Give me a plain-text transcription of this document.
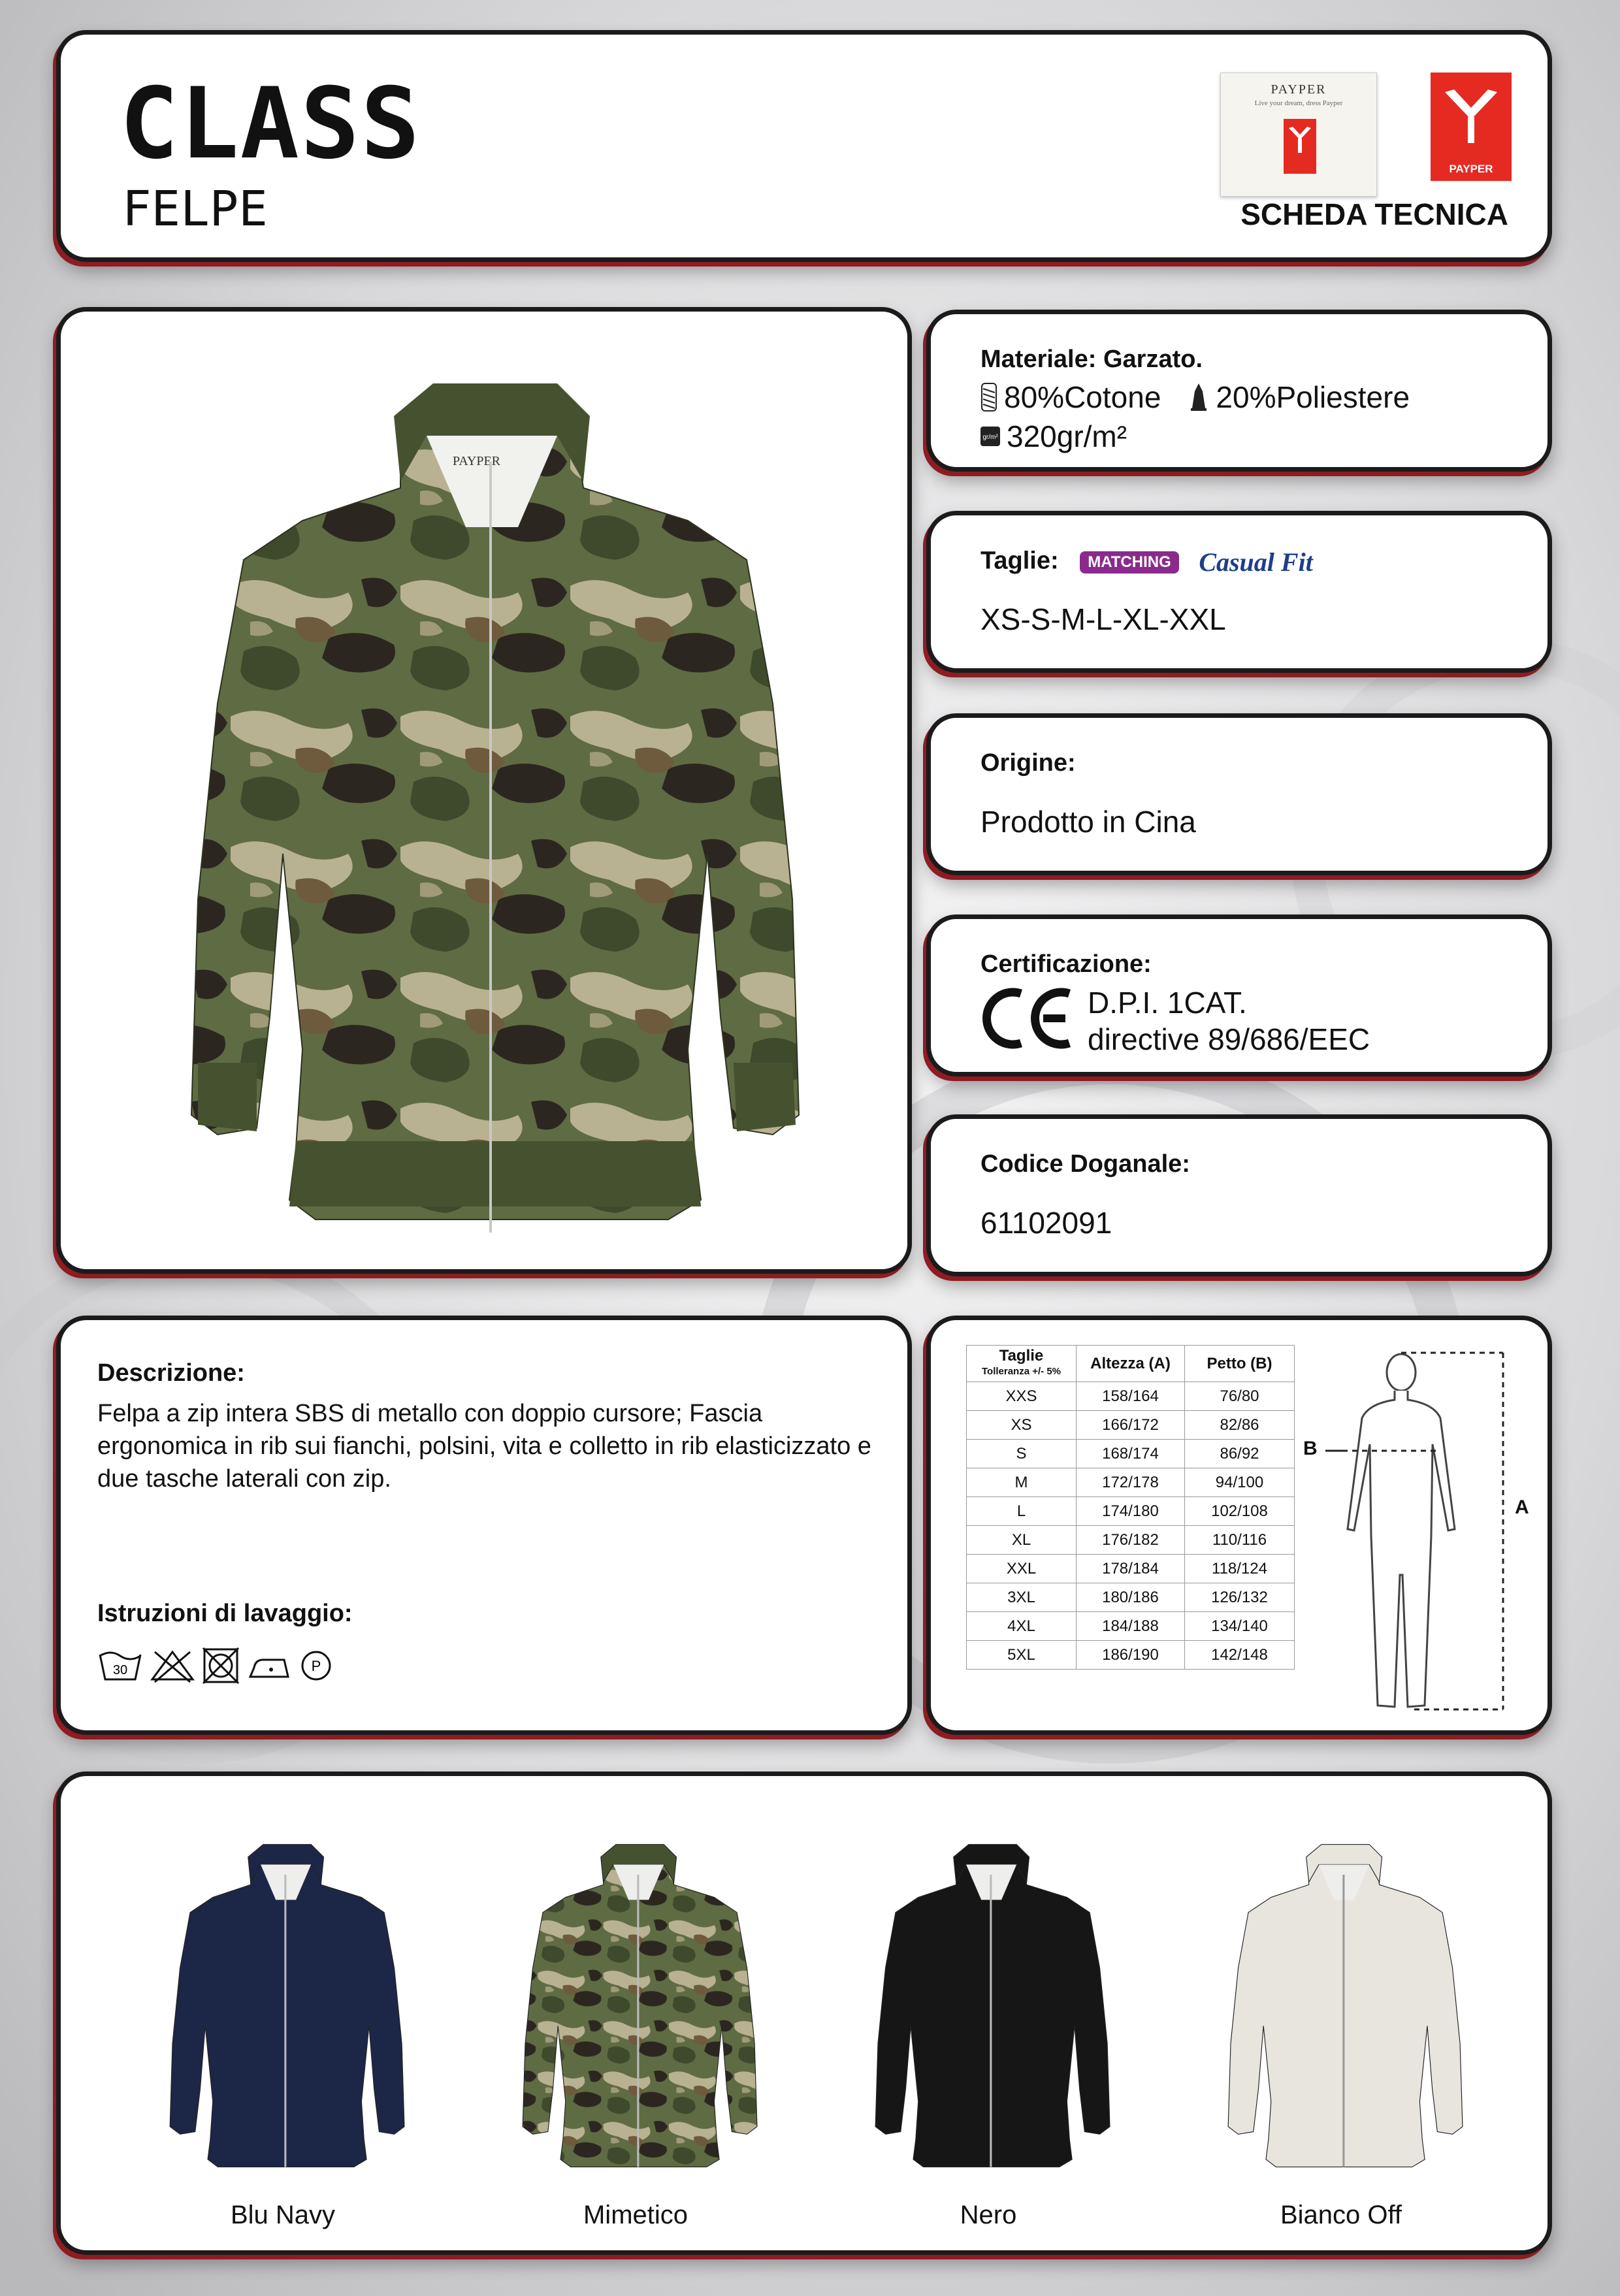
CLASS
FELPE
PAYPER
Live your dream, dress Payper
PAYPER
SCHEDA TECNICA
PAYPER
Materiale: Garzato.
80%Cotone 20%Poliestere
gr/m² 320gr/m²
Taglie: MATCHING Casual Fit
XS-S-M-L-XL-XXL
Origine:
Prodotto in Cina
Certificazione:
D.P.I. 1CAT.
directive 89/686/EEC
Codice Doganale:
61102091
Descrizione:
Felpa a zip intera SBS di metallo con doppio cursore; Fascia ergonomica in rib sui fianchi, polsini, vita e colletto in rib elasticizzato e due tasche laterali con zip.
Istruzioni di lavaggio:
30	P
Taglie
Tolleranza +/- 5%	Altezza (A)	Petto (B)
XXS	158/164	76/80
XS	166/172	82/86
S	168/174	86/92
M	172/178	94/100
L	174/180	102/108
XL	176/182	110/116
XXL	178/184	118/124
3XL	180/186	126/132
4XL	184/188	134/140
5XL	186/190	142/148
B
A
Blu Navy	Mimetico	Nero	Bianco Off
